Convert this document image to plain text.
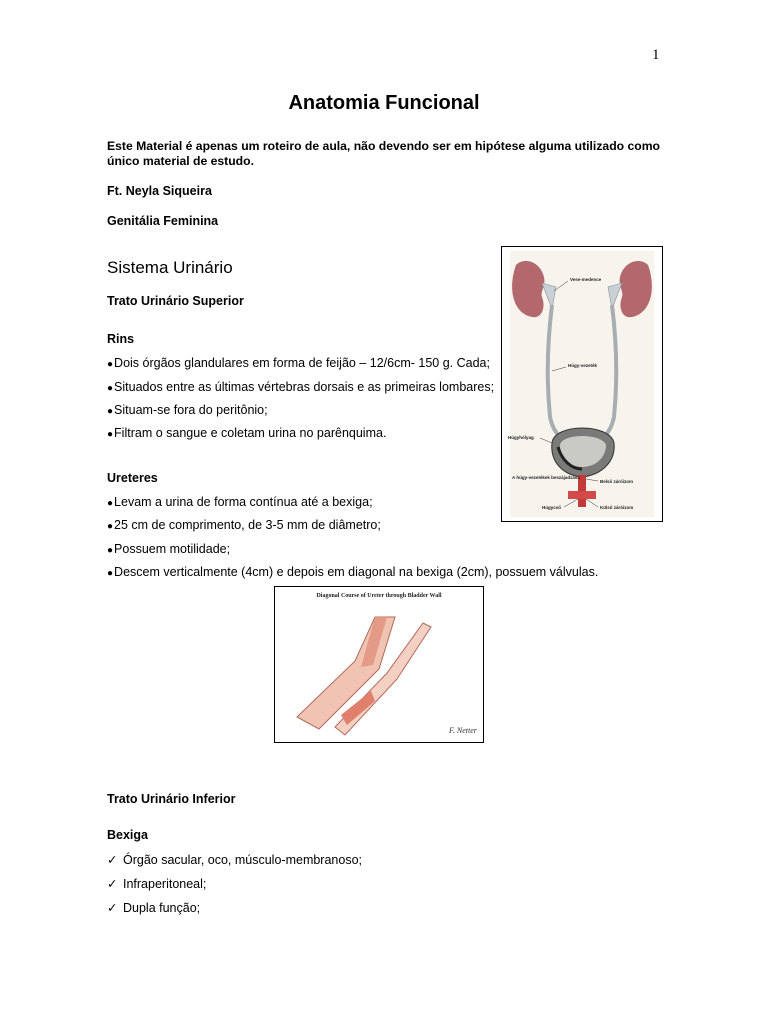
1
Anatomia Funcional
Este Material é apenas um roteiro de aula, não devendo ser em hipótese alguma utilizado como único material de estudo.
Ft. Neyla Siqueira
Genitália Feminina
Sistema Urinário
Trato Urinário Superior
Rins
●Dois órgãos glandulares em forma de feijão – 12/6cm- 150 g. Cada;
●Situados entre as últimas vértebras dorsais e as primeiras lombares;
●Situam-se fora do peritônio;
●Filtram o sangue e coletam urina no parênquima.
Ureteres
●Levam a urina de forma contínua até a bexiga;
●25 cm de comprimento, de 3-5 mm de diâmetro;
●Possuem motilidade;
●Descem verticalmente (4cm) e depois em diagonal na bexiga (2cm), possuem válvulas.
Vese-medence
Húgy-vezeték
Húgyhólyag
A húgy-vezetékek beszájadzása
Belső záróizom
Húgycső	Külső záróizom
Diagonal Course of Ureter through Bladder Wall
F. Netter
Trato Urinário Inferior
Bexiga
✓ Órgão sacular, oco, músculo-membranoso;
✓ Infraperitoneal;
✓ Dupla função;
